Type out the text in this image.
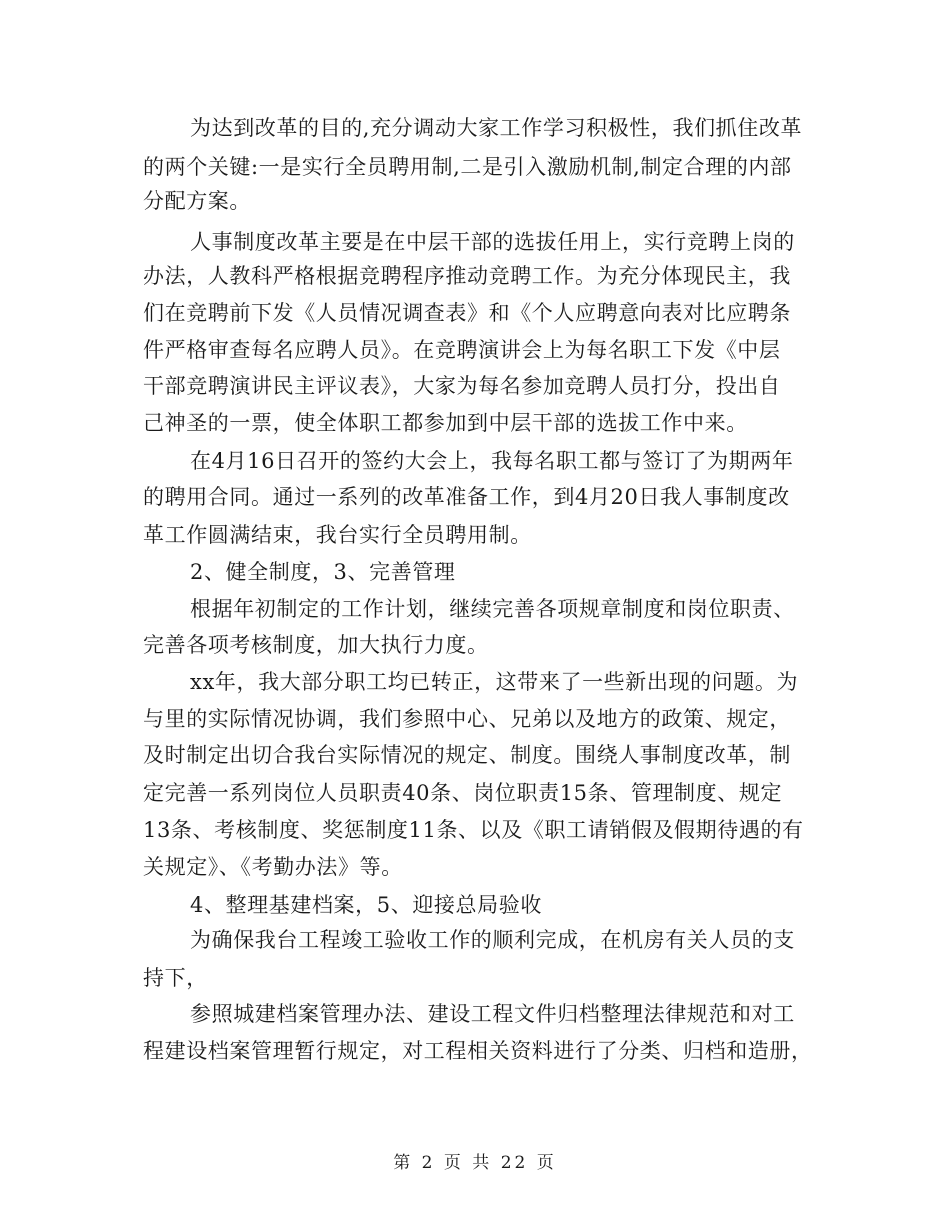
为达到改革的目的,充分调动大家工作学习积极性，我们抓住改革
的两个关键:一是实行全员聘用制,二是引入激励机制,制定合理的内部
分配方案。
人事制度改革主要是在中层干部的选拔任用上，实行竞聘上岗的
办法，人教科严格根据竞聘程序推动竞聘工作。为充分体现民主，我
们在竞聘前下发《人员情况调查表》和《个人应聘意向表对比应聘条
件严格审查每名应聘人员》。在竞聘演讲会上为每名职工下发《中层
干部竞聘演讲民主评议表》，大家为每名参加竞聘人员打分，投出自
己神圣的一票，使全体职工都参加到中层干部的选拔工作中来。
在4月16日召开的签约大会上，我每名职工都与签订了为期两年
的聘用合同。通过一系列的改革准备工作，到4月20日我人事制度改
革工作圆满结束，我台实行全员聘用制。
2、健全制度，3、完善管理
根据年初制定的工作计划，继续完善各项规章制度和岗位职责、
完善各项考核制度，加大执行力度。
xx年，我大部分职工均已转正，这带来了一些新出现的问题。为
与里的实际情况协调，我们参照中心、兄弟以及地方的政策、规定，
及时制定出切合我台实际情况的规定、制度。围绕人事制度改革，制
定完善一系列岗位人员职责40条、岗位职责15条、管理制度、规定
13条、考核制度、奖惩制度11条、以及《职工请销假及假期待遇的有
关规定》、《考勤办法》等。
4、整理基建档案，5、迎接总局验收
为确保我台工程竣工验收工作的顺利完成，在机房有关人员的支
持下，
参照城建档案管理办法、建设工程文件归档整理法律规范和对工
程建设档案管理暂行规定，对工程相关资料进行了分类、归档和造册，
第 2 页 共 22 页
